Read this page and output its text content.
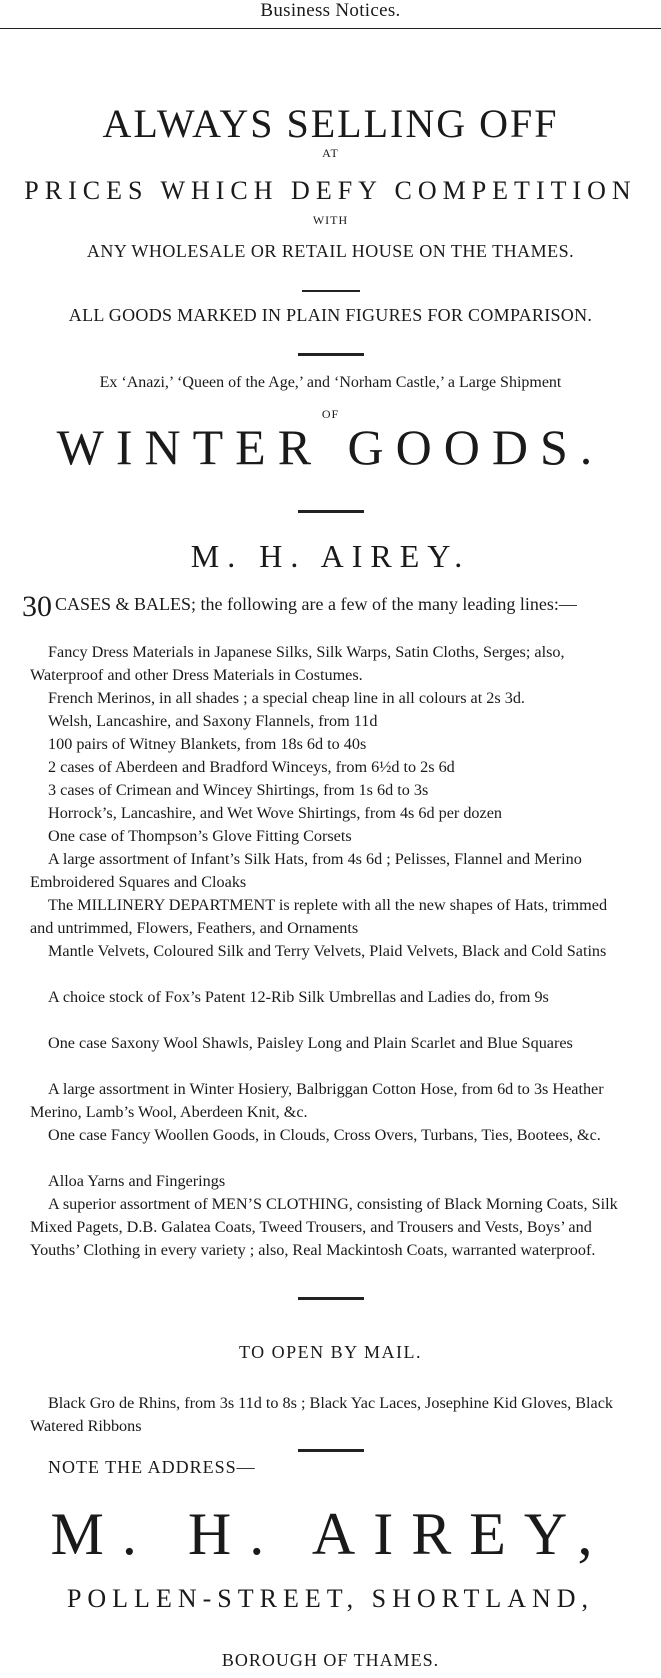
Business Notices.
ALWAYS SELLING OFF
AT
PRICES WHICH DEFY COMPETITION
WITH
ANY WHOLESALE OR RETAIL HOUSE ON THE THAMES.
ALL GOODS MARKED IN PLAIN FIGURES FOR COMPARISON.
Ex ‘Anazi,’ ‘Queen of the Age,’ and ‘Norham Castle,’ a Large Shipment
OF
WINTER GOODS.
M. H. AIREY.
30 CASES & BALES; the following are a few of the many leading lines:—

Fancy Dress Materials in Japanese Silks, Silk Warps, Satin Cloths, Serges; also, Waterproof and other Dress Materials in Costumes.

French Merinos, in all shades ; a special cheap line in all colours at 2s 3d.

Welsh, Lancashire, and Saxony Flannels, from 11d

100 pairs of Witney Blankets, from 18s 6d to 40s

2 cases of Aberdeen and Bradford Winceys, from 6½d to 2s 6d

3 cases of Crimean and Wincey Shirtings, from 1s 6d to 3s

Horrock’s, Lancashire, and Wet Wove Shirtings, from 4s 6d per dozen

One case of Thompson’s Glove Fitting Corsets

A large assortment of Infant’s Silk Hats, from 4s 6d ; Pelisses, Flannel and Merino Embroidered Squares and Cloaks

The MILLINERY DEPARTMENT is replete with all the new shapes of Hats, trimmed and untrimmed, Flowers, Feathers, and Ornaments

Mantle Velvets, Coloured Silk and Terry Velvets, Plaid Velvets, Black and Cold Satins

A choice stock of Fox’s Patent 12-Rib Silk Umbrellas and Ladies do, from 9s

One case Saxony Wool Shawls, Paisley Long and Plain Scarlet and Blue Squares

A large assortment in Winter Hosiery, Balbriggan Cotton Hose, from 6d to 3s Heather Merino, Lamb’s Wool, Aberdeen Knit, &c.

One case Fancy Woollen Goods, in Clouds, Cross Overs, Turbans, Ties, Bootees, &c.

Alloa Yarns and Fingerings

A superior assortment of MEN’S CLOTHING, consisting of Black Morning Coats, Silk Mixed Pagets, D.B. Galatea Coats, Tweed Trousers, and Trousers and Vests, Boys’ and Youths’ Clothing in every variety ; also, Real Mackintosh Coats, warranted waterproof.

TO OPEN BY MAIL.
Black Gro de Rhins, from 3s 11d to 8s ; Black Yac Laces, Josephine Kid Gloves, Black Watered Ribbons
NOTE THE ADDRESS—
M. H. AIREY,
POLLEN-STREET, SHORTLAND,
BOROUGH OF THAMES.
